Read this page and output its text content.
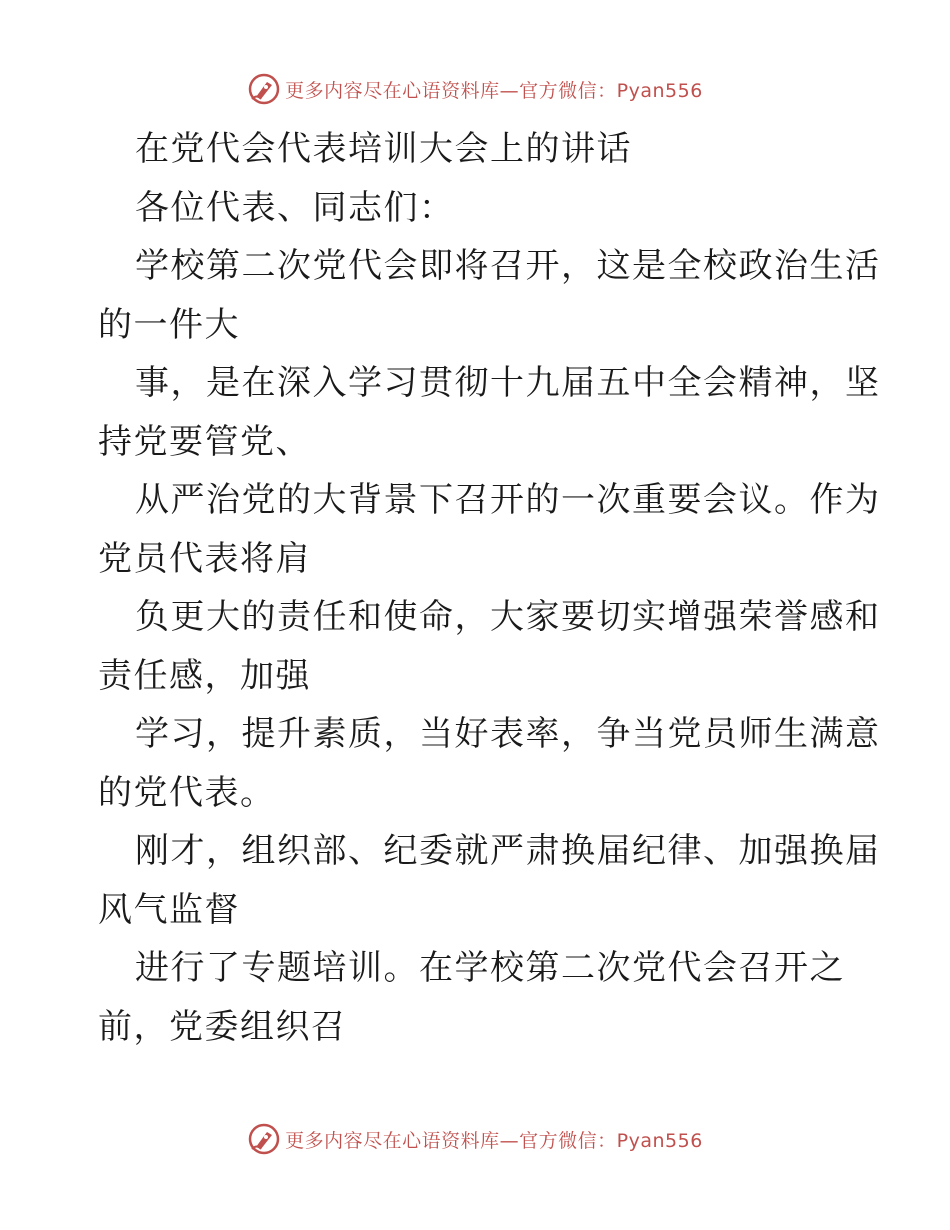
更多内容尽在心语资料库—官方微信：Pyan556
在党代会代表培训大会上的讲话
各位代表、同志们：
学校第二次党代会即将召开，这是全校政治生活
的一件大
事，是在深入学习贯彻十九届五中全会精神，坚
持党要管党、
从严治党的大背景下召开的一次重要会议。作为
党员代表将肩
负更大的责任和使命，大家要切实增强荣誉感和
责任感，加强
学习，提升素质，当好表率，争当党员师生满意
的党代表。
刚才，组织部、纪委就严肃换届纪律、加强换届
风气监督
进行了专题培训。在学校第二次党代会召开之
前，党委组织召
更多内容尽在心语资料库—官方微信：Pyan556
